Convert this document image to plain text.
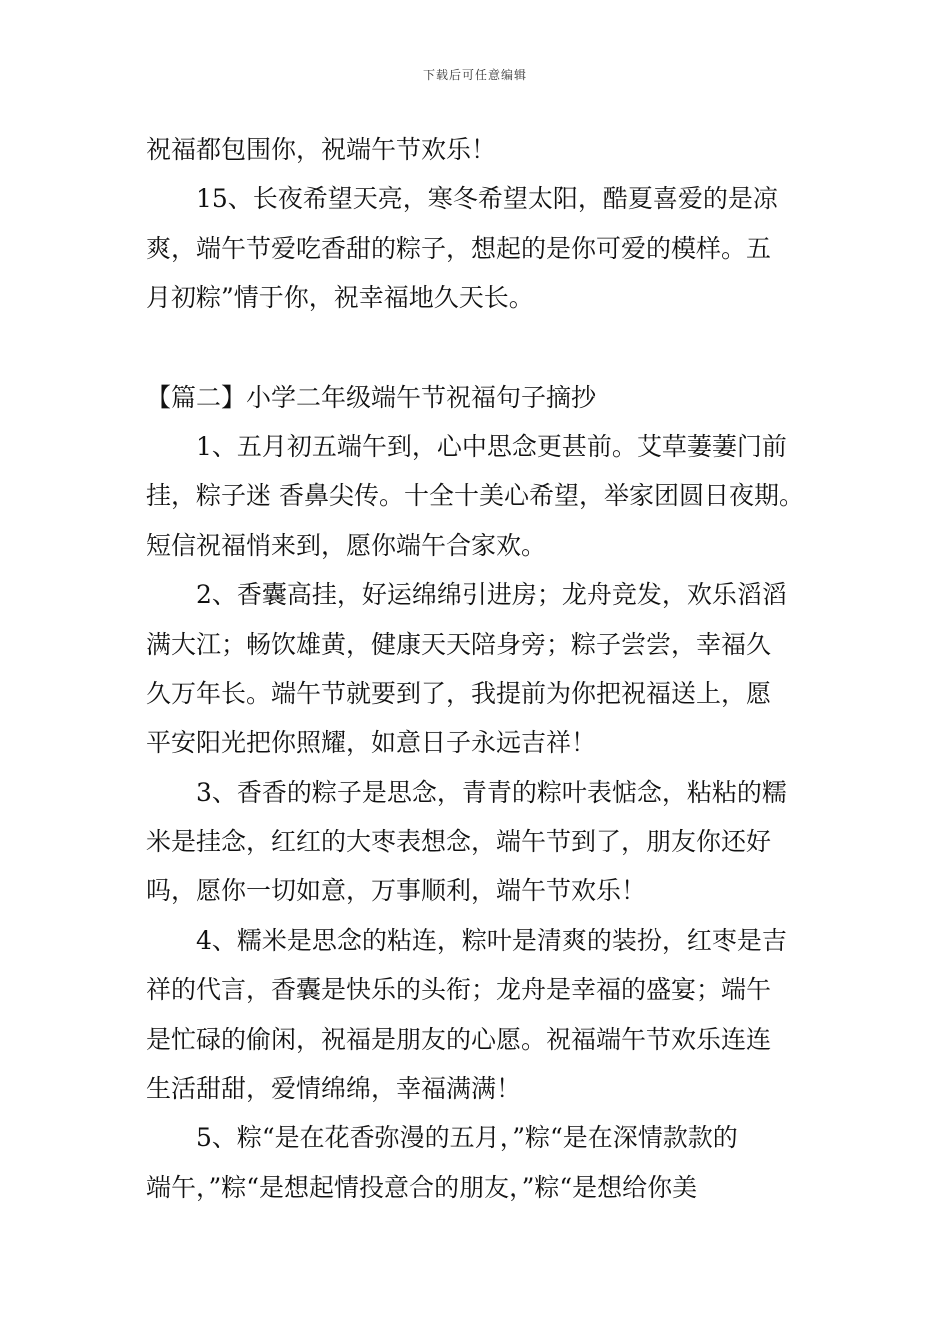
下载后可任意编辑
祝福都包围你，祝端午节欢乐！
15、长夜希望天亮，寒冬希望太阳，酷夏喜爱的是凉
爽，端午节爱吃香甜的粽子，想起的是你可爱的模样。五
月初粽”情于你，祝幸福地久天长。
【篇二】小学二年级端午节祝福句子摘抄
1、五月初五端午到，心中思念更甚前。艾草萋萋门前
挂，粽子迷 香鼻尖传。十全十美心希望，举家团圆日夜期。
短信祝福悄来到，愿你端午合家欢。
2、香囊高挂，好运绵绵引进房；龙舟竞发，欢乐滔滔
满大江；畅饮雄黄，健康天天陪身旁；粽子尝尝，幸福久
久万年长。端午节就要到了，我提前为你把祝福送上，愿
平安阳光把你照耀，如意日子永远吉祥！
3、香香的粽子是思念，青青的粽叶表惦念，粘粘的糯
米是挂念，红红的大枣表想念，端午节到了，朋友你还好
吗，愿你一切如意，万事顺利，端午节欢乐！
4、糯米是思念的粘连，粽叶是清爽的装扮，红枣是吉
祥的代言，香囊是快乐的头衔；龙舟是幸福的盛宴；端午
是忙碌的偷闲，祝福是朋友的心愿。祝福端午节欢乐连连
生活甜甜，爱情绵绵，幸福满满！
5、粽“是在花香弥漫的五月，”粽“是在深情款款的
端午，”粽“是想起情投意合的朋友，”粽“是想给你美
